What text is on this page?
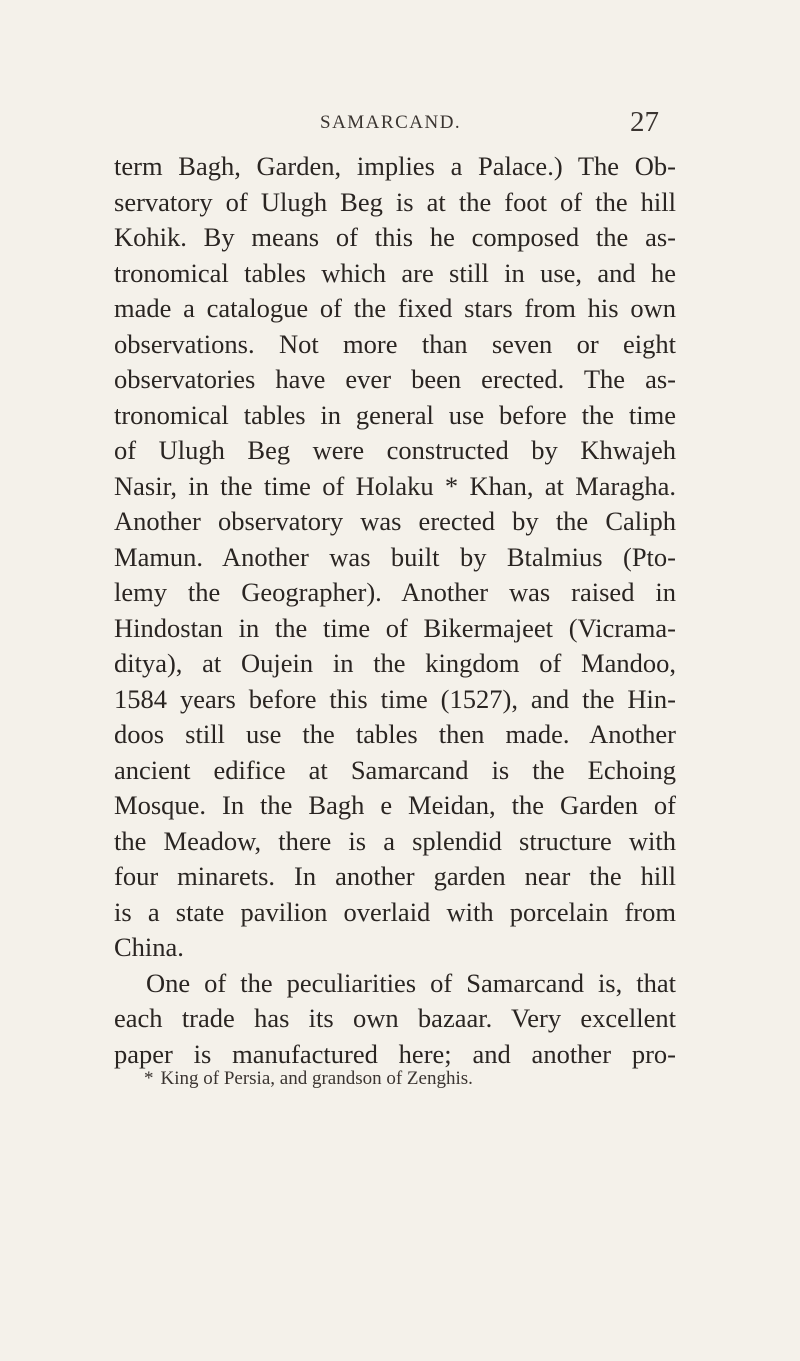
SAMARCAND.	27
term Bagh, Garden, implies a Palace.) The Ob-
servatory of Ulugh Beg is at the foot of the hill
Kohik. By means of this he composed the as-
tronomical tables which are still in use, and he
made a catalogue of the fixed stars from his own
observations. Not more than seven or eight
observatories have ever been erected. The as-
tronomical tables in general use before the time
of Ulugh Beg were constructed by Khwajeh
Nasir, in the time of Holaku * Khan, at Maragha.
Another observatory was erected by the Caliph
Mamun. Another was built by Btalmius (Pto-
lemy the Geographer). Another was raised in
Hindostan in the time of Bikermajeet (Vicrama-
ditya), at Oujein in the kingdom of Mandoo,
1584 years before this time (1527), and the Hin-
doos still use the tables then made. Another
ancient edifice at Samarcand is the Echoing
Mosque. In the Bagh e Meidan, the Garden of
the Meadow, there is a splendid structure with
four minarets. In another garden near the hill
is a state pavilion overlaid with porcelain from
China.
One of the peculiarities of Samarcand is, that
each trade has its own bazaar. Very excellent
paper is manufactured here; and another pro-
* King of Persia, and grandson of Zenghis.
